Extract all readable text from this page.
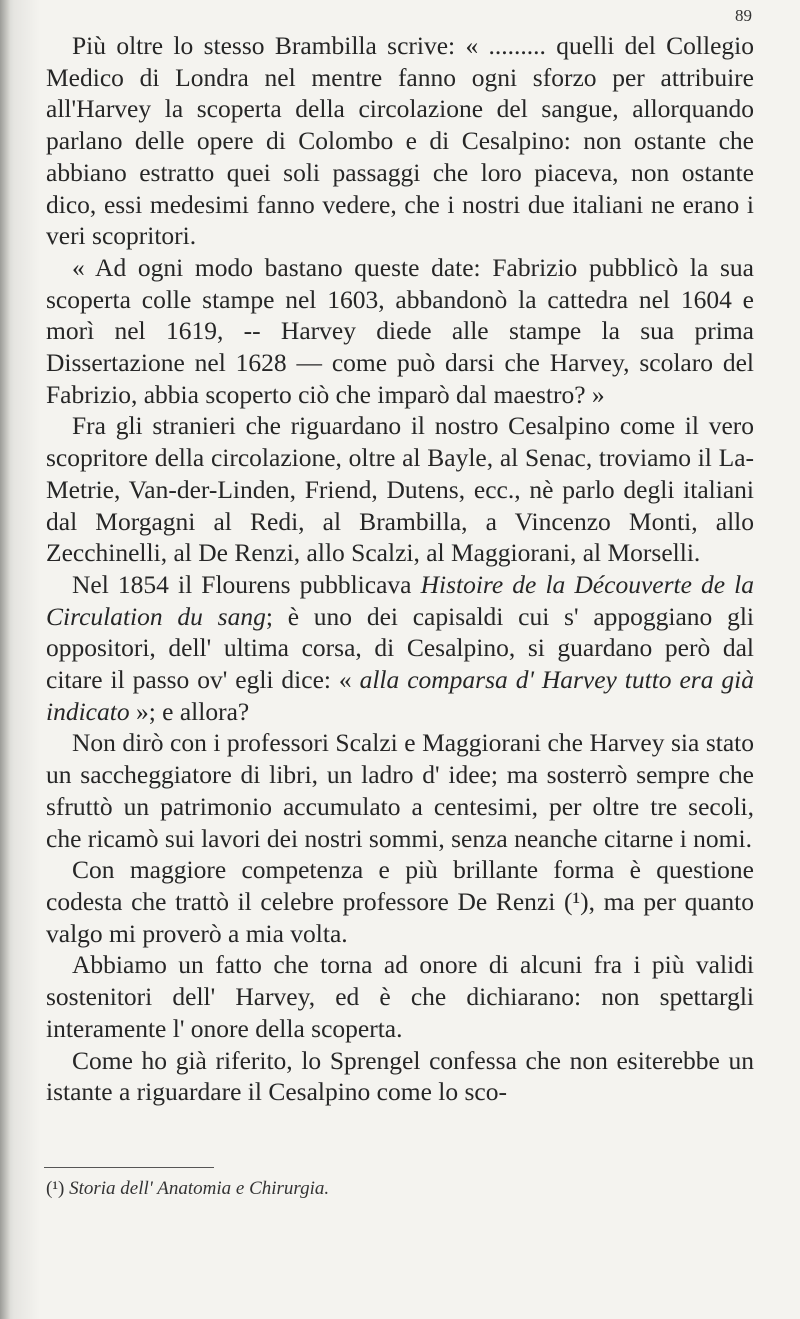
89

Più oltre lo stesso Brambilla scrive: « ......... quelli del Collegio Medico di Londra nel mentre fanno ogni sforzo per attribuire all'Harvey la scoperta della circolazione del sangue, allorquando parlano delle opere di Colombo e di Cesalpino: non ostante che abbiano estratto quei soli passaggi che loro piaceva, non ostante dico, essi medesimi fanno vedere, che i nostri due italiani ne erano i veri scopritori.

« Ad ogni modo bastano queste date: Fabrizio pubblicò la sua scoperta colle stampe nel 1603, abbandonò la cattedra nel 1604 e morì nel 1619, -- Harvey diede alle stampe la sua prima Dissertazione nel 1628 — come può darsi che Harvey, scolaro del Fabrizio, abbia scoperto ciò che imparò dal maestro? »

Fra gli stranieri che riguardano il nostro Cesalpino come il vero scopritore della circolazione, oltre al Bayle, al Senac, troviamo il La-Metrie, Van-der-Linden, Friend, Dutens, ecc., nè parlo degli italiani dal Morgagni al Redi, al Brambilla, a Vincenzo Monti, allo Zecchinelli, al De Renzi, allo Scalzi, al Maggiorani, al Morselli.

Nel 1854 il Flourens pubblicava Histoire de la Découverte de la Circulation du sang; è uno dei capisaldi cui s' appoggiano gli oppositori, dell' ultima corsa, di Cesalpino, si guardano però dal citare il passo ov' egli dice: « alla comparsa d' Harvey tutto era già indicato »; e allora?

Non dirò con i professori Scalzi e Maggiorani che Harvey sia stato un saccheggiatore di libri, un ladro d' idee; ma sosterrò sempre che sfruttò un patrimonio accumulato a centesimi, per oltre tre secoli, che ricamò sui lavori dei nostri sommi, senza neanche citarne i nomi.

Con maggiore competenza e più brillante forma è questione codesta che trattò il celebre professore De Renzi (¹), ma per quanto valgo mi proverò a mia volta.

Abbiamo un fatto che torna ad onore di alcuni fra i più validi sostenitori dell' Harvey, ed è che dichiarano: non spettargli interamente l' onore della scoperta.

Come ho già riferito, lo Sprengel confessa che non esiterebbe un istante a riguardare il Cesalpino come lo sco-

(¹) Storia dell' Anatomia e Chirurgia.
